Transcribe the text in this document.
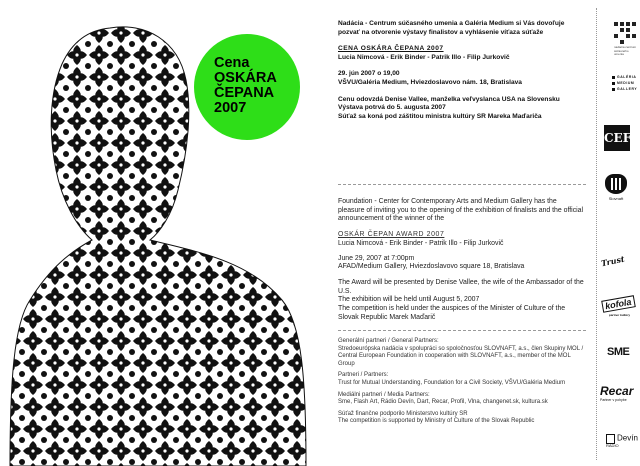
Cena
OSKÁRA
ČEPANA
2007

Nadácia - Centrum súčasného umenia a Galéria Medium si Vás dovoľuje pozvať na otvorenie výstavy finalistov a vyhlásenie víťaza súťaže

CENA OSKÁRA ČEPANA 2007
Lucia Nimcová - Erik Binder - Patrik Illo - Filip Jurkovič

29. jún 2007 o 19,00
VŠVU/Galéria Medium, Hviezdoslavovo nám. 18, Bratislava

Cenu odovzdá Denise Vallee, manželka veľvyslanca USA na Slovensku
Výstava potrvá do 5. augusta 2007
Súťaž sa koná pod záštitou ministra kultúry SR Mareka Maďariča

Foundation - Center for Contemporary Arts and Medium Gallery has the pleasure of inviting you to the opening of the exhibition of finalists and the official announcement of the winner of the

OSKÁR ČEPAN AWARD 2007
Lucia Nimcová - Erik Binder - Patrik Illo - Filip Jurkovič

June 29, 2007 at 7:00pm
AFAD/Medium Gallery, Hviezdoslavovo square 18, Bratislava

The Award will be presented by Denise Vallee, the wife of the Ambassador of the U.S.
The exhibition will be held until August 5, 2007
The competition is held under the auspices of the Minister of Culture of the Slovak Republic Marek Maďarič

Generální partneri / General Partners:
Stredoeurópska nadácia v spolupráci so spoločnosťou SLOVNAFT, a.s., člen Skupiny MOL / Central European Foundation in cooperation with SLOVNAFT, a.s., member of the MOL Group

Partneri / Partners:
Trust for Mutual Understanding, Foundation for a Civil Society, VŠVU/Galéria Medium

Mediálni partneri / Media Partners:
Sme, Flash Art, Rádio Devín, Dart, Recar, Profil, Vlna, changenet.sk, kultura.sk

Súťaž finančne podporilo Ministerstvo kultúry SR
The competition is supported by Ministry of Culture of the Slovak Republic

nadácia centrum súčasného umenia
GALÉRIA
MEDIUM
GALLERY
CEF
Slovnaft
Trust
kofola
partner kultúry
SME
Recar
Partner v pohybe
Devín
RÁDIO
